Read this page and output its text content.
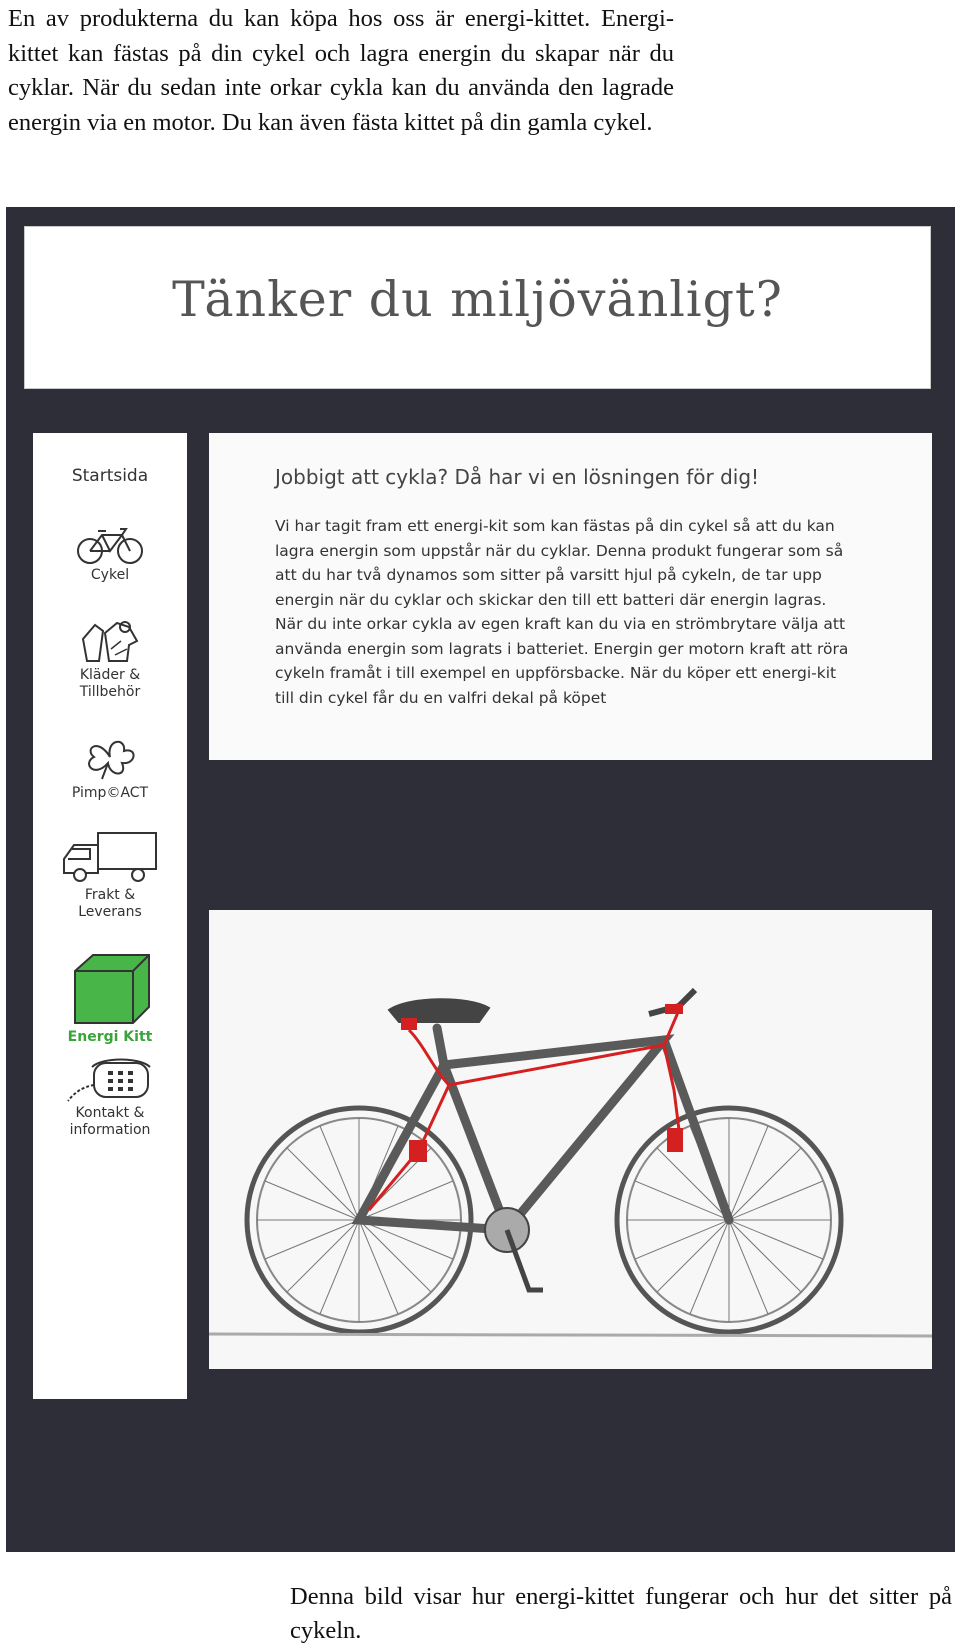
En av produkterna du kan köpa hos oss är energi-kittet. Energi-kittet kan fästas på din cykel och lagra energin du skapar när du cyklar. När du sedan inte orkar cykla kan du använda den lagrade energin via en motor. Du kan även fästa kittet på din gamla cykel.

Tänker du miljövänligt?
Startsida
Cykel
Kläder &
Tillbehör
Pimp©ACT
Frakt &
Leverans
Energi Kitt
Kontakt &
information
Jobbigt att cykla? Då har vi en lösningen för dig!

Vi har tagit fram ett energi-kit som kan fästas på din cykel så att du kan lagra energin som uppstår när du cyklar. Denna produkt fungerar som så att du har två dynamos som sitter på varsitt hjul på cykeln, de tar upp energin när du cyklar och skickar den till ett batteri där energin lagras. När du inte orkar cykla av egen kraft kan du via en strömbrytare välja att använda energin som lagrats i batteriet. Energin ger motorn kraft att röra cykeln framåt i till exempel en uppförsbacke. När du köper ett energi-kit till din cykel får du en valfri dekal på köpet

Denna bild visar hur energi-kittet fungerar och hur det sitter på cykeln.
